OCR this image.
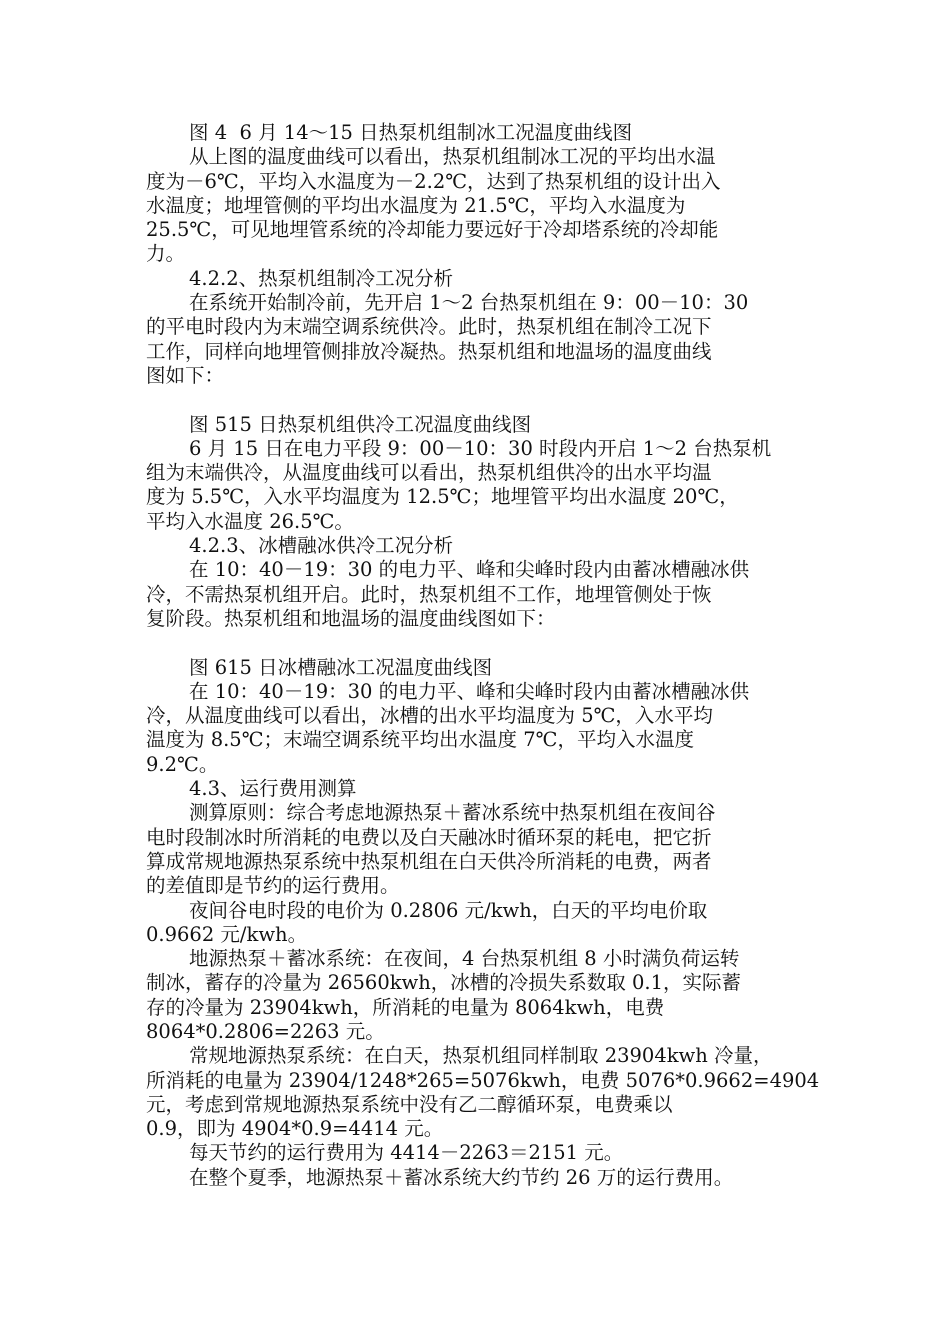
图 4  6 月 14～15 日热泵机组制冰工况温度曲线图
从上图的温度曲线可以看出，热泵机组制冰工况的平均出水温
度为－6℃，平均入水温度为－2.2℃，达到了热泵机组的设计出入
水温度；地埋管侧的平均出水温度为 21.5℃，平均入水温度为
25.5℃，可见地埋管系统的冷却能力要远好于冷却塔系统的冷却能
力。
4.2.2、热泵机组制冷工况分析
在系统开始制冷前，先开启 1～2 台热泵机组在 9：00－10：30
的平电时段内为末端空调系统供冷。此时，热泵机组在制冷工况下
工作，同样向地埋管侧排放冷凝热。热泵机组和地温场的温度曲线
图如下：
图 515 日热泵机组供冷工况温度曲线图
6 月 15 日在电力平段 9：00－10：30 时段内开启 1～2 台热泵机
组为末端供冷，从温度曲线可以看出，热泵机组供冷的出水平均温
度为 5.5℃，入水平均温度为 12.5℃；地埋管平均出水温度 20℃，
平均入水温度 26.5℃。
4.2.3、冰槽融冰供冷工况分析
在 10：40－19：30 的电力平、峰和尖峰时段内由蓄冰槽融冰供
冷，不需热泵机组开启。此时，热泵机组不工作，地埋管侧处于恢
复阶段。热泵机组和地温场的温度曲线图如下：
图 615 日冰槽融冰工况温度曲线图
在 10：40－19：30 的电力平、峰和尖峰时段内由蓄冰槽融冰供
冷，从温度曲线可以看出，冰槽的出水平均温度为 5℃，入水平均
温度为 8.5℃；末端空调系统平均出水温度 7℃，平均入水温度
9.2℃。
4.3、运行费用测算
测算原则：综合考虑地源热泵＋蓄冰系统中热泵机组在夜间谷
电时段制冰时所消耗的电费以及白天融冰时循环泵的耗电，把它折
算成常规地源热泵系统中热泵机组在白天供冷所消耗的电费，两者
的差值即是节约的运行费用。
夜间谷电时段的电价为 0.2806 元/kwh，白天的平均电价取
0.9662 元/kwh。
地源热泵＋蓄冰系统：在夜间，4 台热泵机组 8 小时满负荷运转
制冰，蓄存的冷量为 26560kwh，冰槽的冷损失系数取 0.1，实际蓄
存的冷量为 23904kwh，所消耗的电量为 8064kwh，电费
8064*0.2806=2263 元。
常规地源热泵系统：在白天，热泵机组同样制取 23904kwh 冷量，
所消耗的电量为 23904/1248*265=5076kwh，电费 5076*0.9662=4904
元，考虑到常规地源热泵系统中没有乙二醇循环泵，电费乘以
0.9，即为 4904*0.9=4414 元。
每天节约的运行费用为 4414－2263＝2151 元。
在整个夏季，地源热泵＋蓄冰系统大约节约 26 万的运行费用。
